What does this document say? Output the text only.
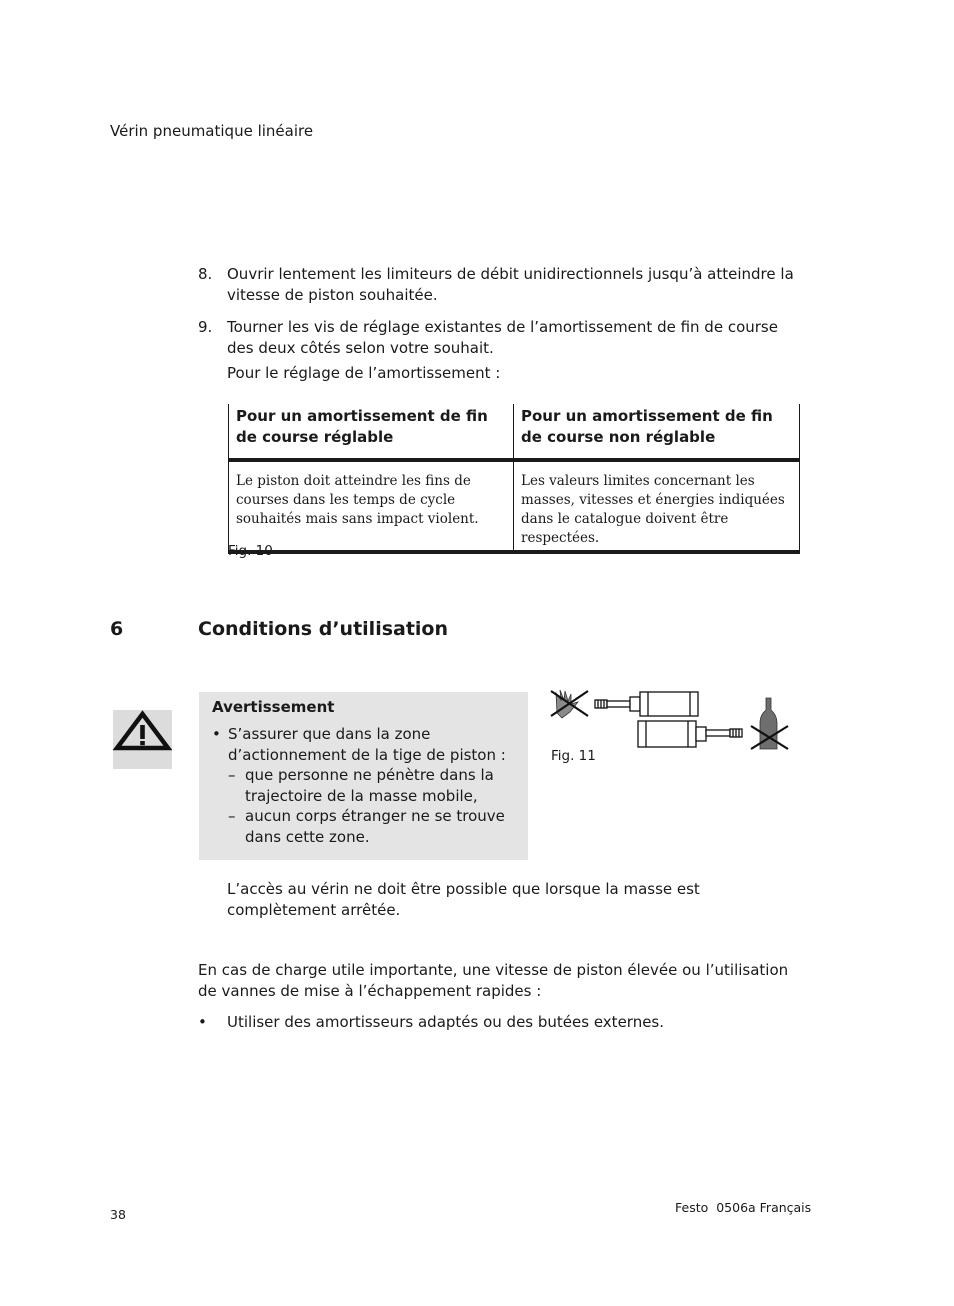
Vérin pneumatique linéaire
8. Ouvrir lentement les limiteurs de débit unidirectionnels jusqu’à atteindre la vitesse de piston souhaitée.
9. Tourner les vis de réglage existantes de l’amortissement de fin de course des deux côtés selon votre souhait.
Pour le réglage de l’amortissement :
Pour un amortissement de fin de course réglable	Pour un amortissement de fin de course non réglable
Le piston doit atteindre les fins de courses dans les temps de cycle souhaités mais sans impact violent.	Les valeurs limites concernant les masses, vitesses et énergies indiquées dans le catalogue doivent être respectées.
Fig. 10
6	Conditions d’utilisation
Avertissement
• S’assurer que dans la zone d’actionnement de la tige de piston :
– que personne ne pénètre dans la trajectoire de la masse mobile,
– aucun corps étranger ne se trouve dans cette zone.
Fig. 11
L’accès au vérin ne doit être possible que lorsque la masse est complètement arrêtée.
En cas de charge utile importante, une vitesse de piston élevée ou l’utilisation de vannes de mise à l’échappement rapides :
• Utiliser des amortisseurs adaptés ou des butées externes.
38	Festo  0506a Français
